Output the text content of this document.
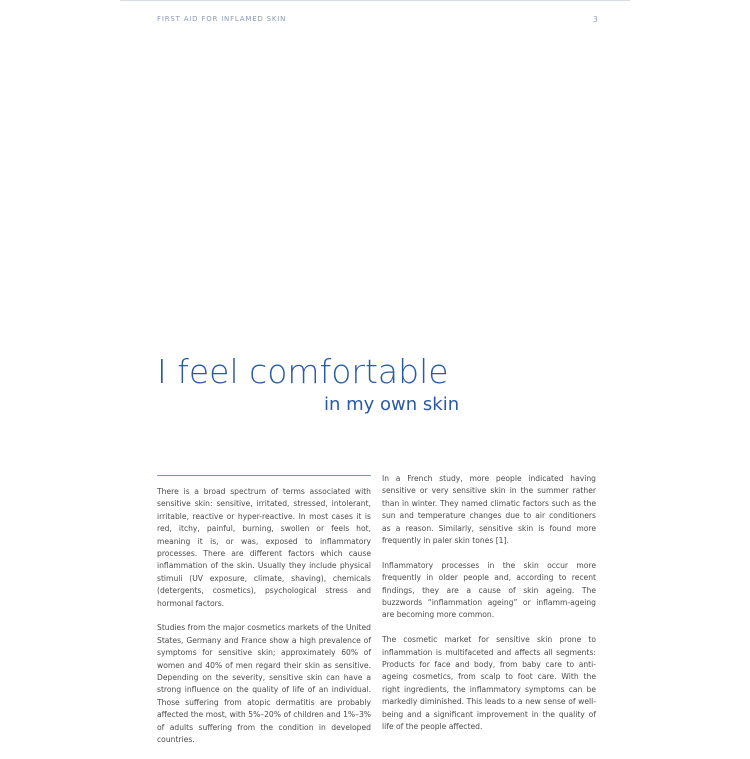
FIRST AID FOR INFLAMED SKIN	3
I feel comfortable
in my own skin

There is a broad spectrum of terms associated with sensitive skin: sensitive, irritated, stressed, intolerant, irritable, reactive or hyper-reactive. In most cases it is red, itchy, painful, burning, swollen or feels hot, meaning it is, or was, exposed to inflammatory processes. There are different factors which cause inflammation of the skin. Usually they include physical stimuli (UV exposure, climate, shaving), chemicals (detergents, cosmetics), psychological stress and hormonal factors.

Studies from the major cosmetics markets of the United States, Germany and France show a high prevalence of symptoms for sensitive skin; approximately 60% of women and 40% of men regard their skin as sensitive. Depending on the severity, sensitive skin can have a strong influence on the quality of life of an individual. Those suffering from atopic dermatitis are probably affected the most, with 5%–20% of children and 1%–3% of adults suffering from the condition in developed countries.

In a French study, more people indicated having sensitive or very sensitive skin in the summer rather than in winter. They named climatic factors such as the sun and temperature changes due to air conditioners as a reason. Similarly, sensitive skin is found more frequently in paler skin tones [1].

Inflammatory processes in the skin occur more frequently in older people and, according to recent findings, they are a cause of skin ageing. The buzzwords “inflammation ageing” or inflamm-ageing are becoming more common.

The cosmetic market for sensitive skin prone to inflammation is multifaceted and affects all segments: Products for face and body, from baby care to anti-ageing cosmetics, from scalp to foot care. With the right ingredients, the inflammatory symptoms can be markedly diminished. This leads to a new sense of well-being and a significant improvement in the quality of life of the people affected.
